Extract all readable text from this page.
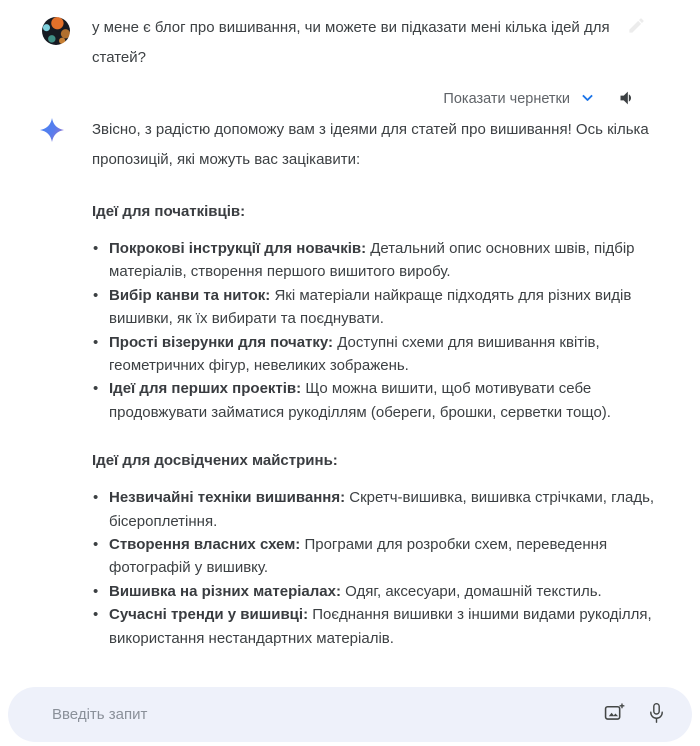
у мене є блог про вишивання, чи можете ви підказати мені кілька ідей для статей?
Показати чернетки

Звісно, з радістю допоможу вам з ідеями для статей про вишивання! Ось кілька пропозицій, які можуть вас зацікавити:

Ідеї для початківців:
• Покрокові інструкції для новачків: Детальний опис основних швів, підбір матеріалів, створення першого вишитого виробу.
• Вибір канви та ниток: Які матеріали найкраще підходять для різних видів вишивки, як їх вибирати та поєднувати.
• Прості візерунки для початку: Доступні схеми для вишивання квітів, геометричних фігур, невеликих зображень.
• Ідеї для перших проектів: Що можна вишити, щоб мотивувати себе продовжувати займатися рукоділлям (обереги, брошки, серветки тощо).
Ідеї для досвідчених майстринь:
• Незвичайні техніки вишивання: Скретч-вишивка, вишивка стрічками, гладь, бісероплетіння.
• Створення власних схем: Програми для розробки схем, переведення фотографій у вишивку.
• Вишивка на різних матеріалах: Одяг, аксесуари, домашній текстиль.
• Сучасні тренди у вишивці: Поєднання вишивки з іншими видами рукоділля, використання нестандартних матеріалів.
Введіть запит
